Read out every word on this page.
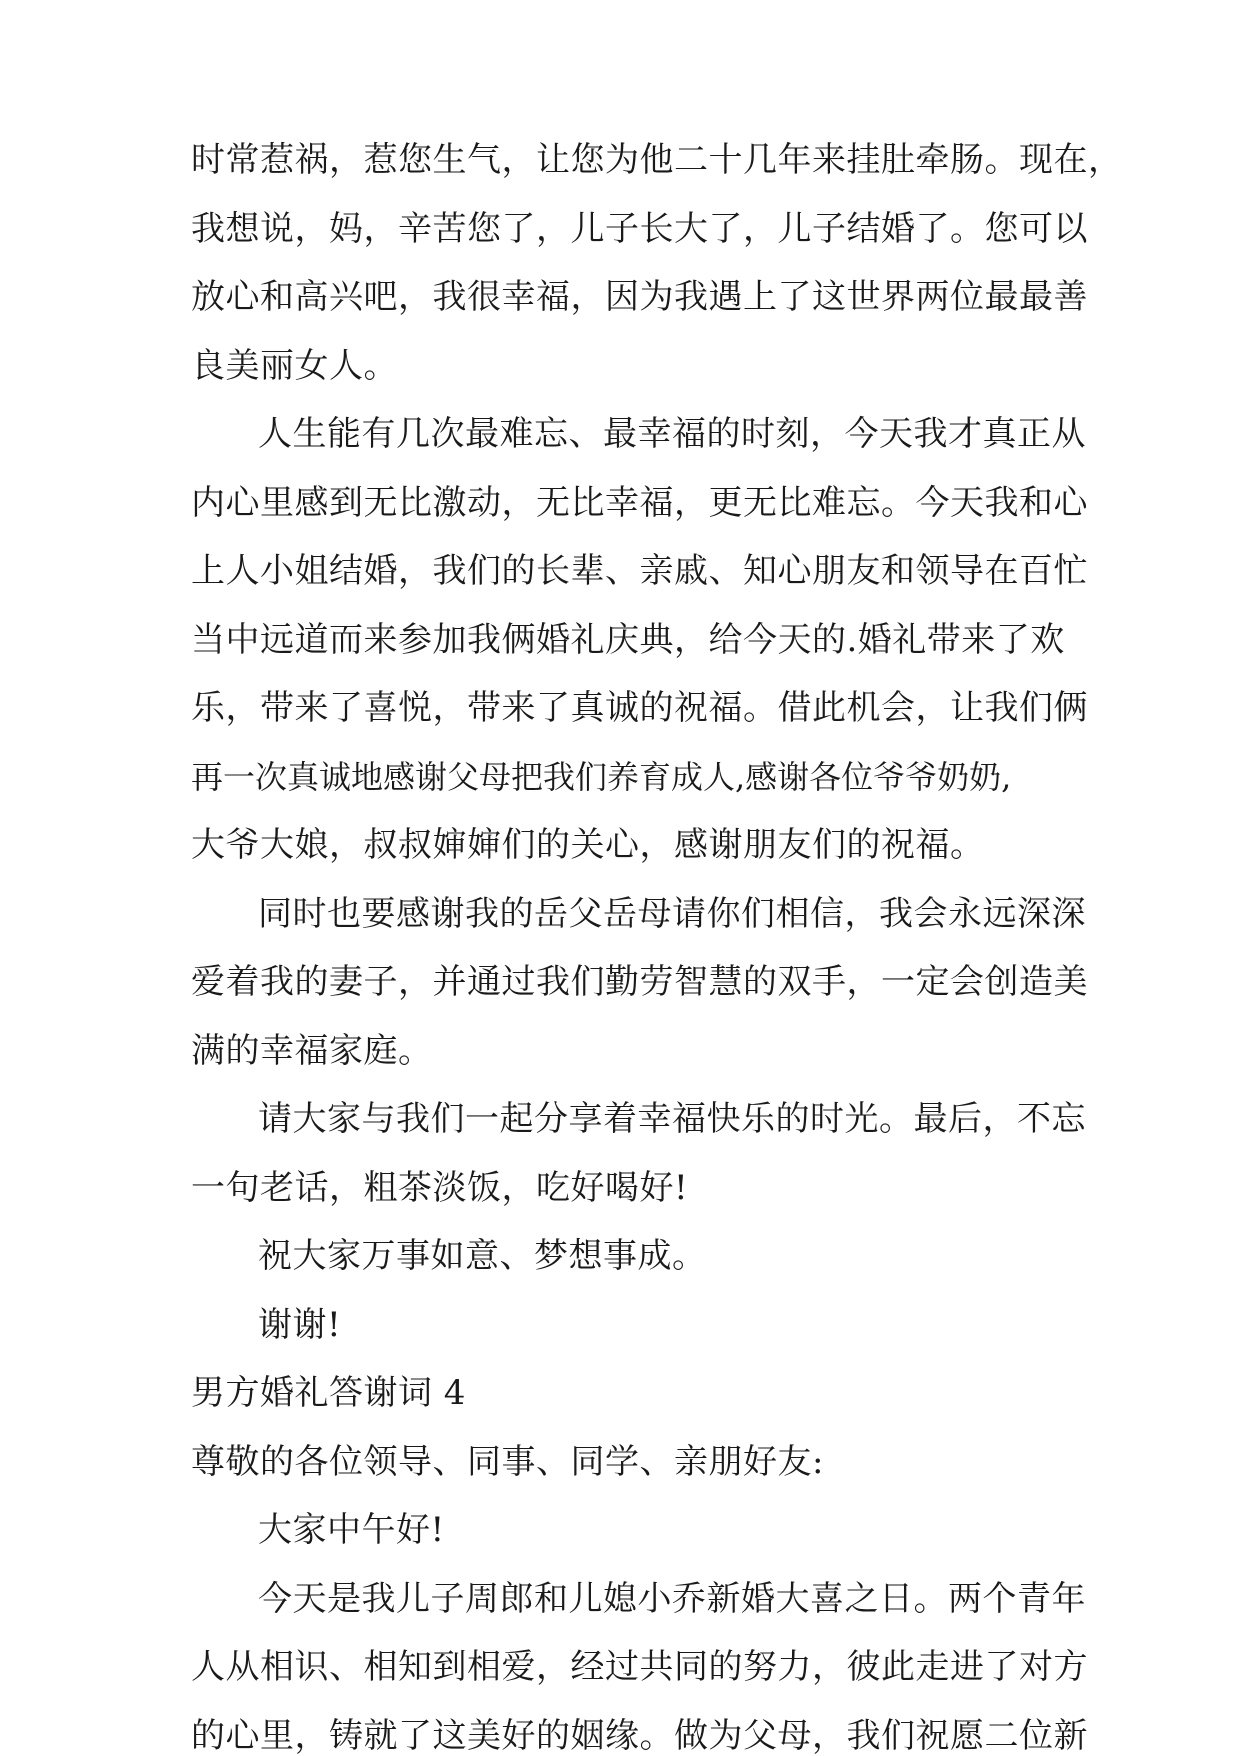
时常惹祸，惹您生气，让您为他二十几年来挂肚牵肠。现在，
我想说，妈，辛苦您了，儿子长大了，儿子结婚了。您可以
放心和高兴吧，我很幸福，因为我遇上了这世界两位最最善
良美丽女人。
人生能有几次最难忘、最幸福的时刻，今天我才真正从
内心里感到无比激动，无比幸福，更无比难忘。今天我和心
上人小姐结婚，我们的长辈、亲戚、知心朋友和领导在百忙
当中远道而来参加我俩婚礼庆典，给今天的.婚礼带来了欢
乐，带来了喜悦，带来了真诚的祝福。借此机会，让我们俩
再一次真诚地感谢父母把我们养育成人,感谢各位爷爷奶奶,
大爷大娘，叔叔婶婶们的关心，感谢朋友们的祝福。
同时也要感谢我的岳父岳母请你们相信，我会永远深深
爱着我的妻子，并通过我们勤劳智慧的双手，一定会创造美
满的幸福家庭。
请大家与我们一起分享着幸福快乐的时光。最后，不忘
一句老话，粗茶淡饭，吃好喝好!
祝大家万事如意、梦想事成。
谢谢!
男方婚礼答谢词 4
尊敬的各位领导、同事、同学、亲朋好友:
大家中午好!
今天是我儿子周郎和儿媳小乔新婚大喜之日。两个青年
人从相识、相知到相爱，经过共同的努力，彼此走进了对方
的心里，铸就了这美好的姻缘。做为父母，我们祝愿二位新
